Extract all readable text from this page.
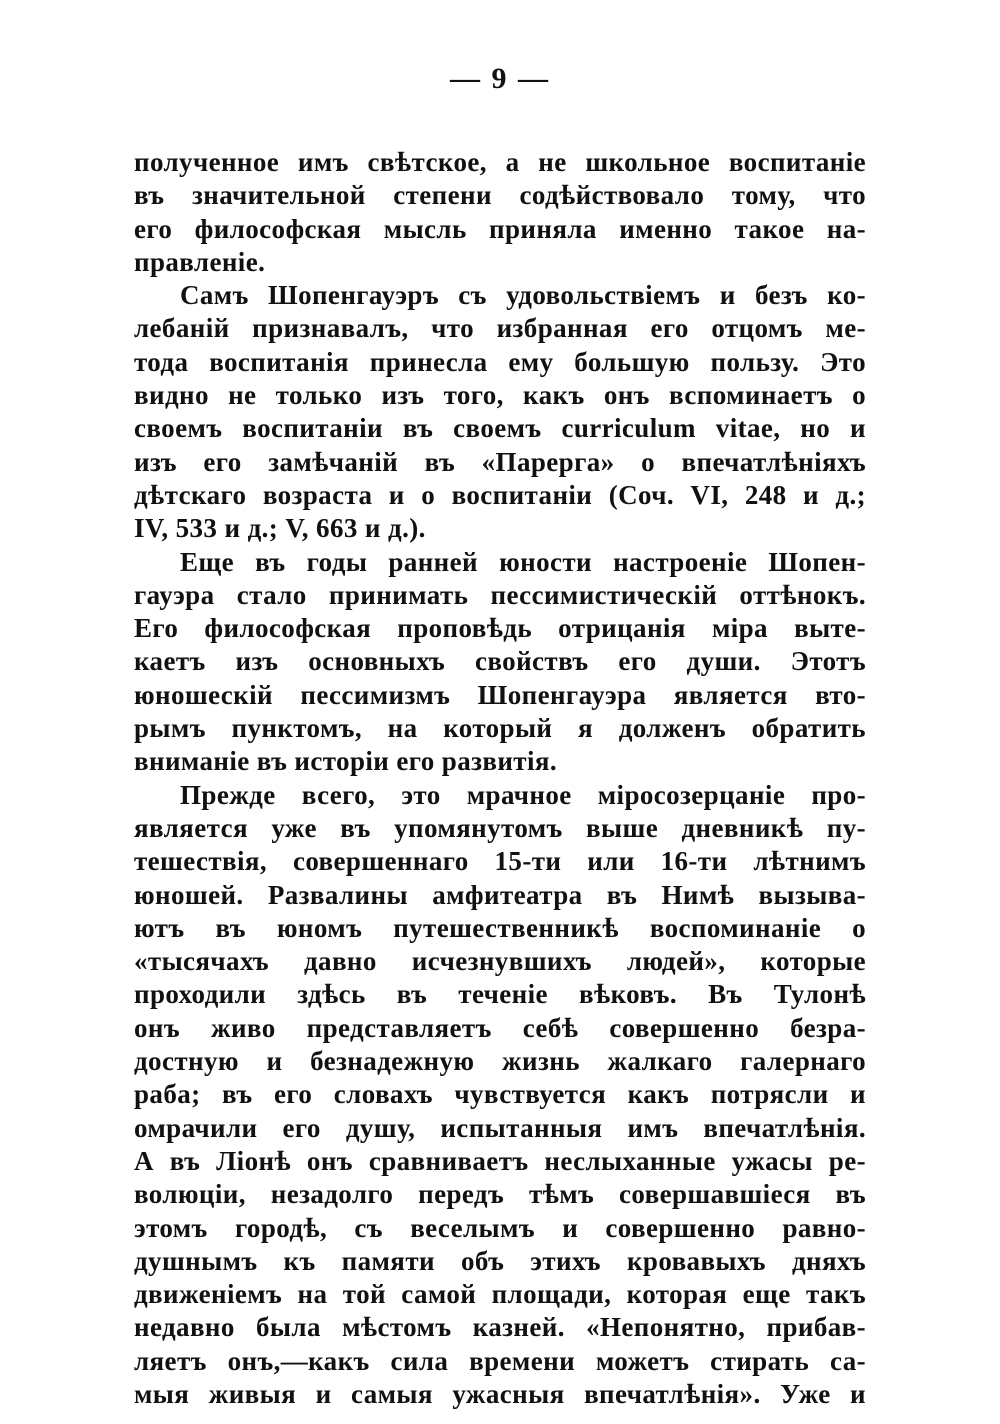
— 9 —
полученное имъ свѣтское, а не школьное воспитаніе
въ значительной степени содѣйствовало тому, что
его философская мысль приняла именно такое на-
правленіе.
Самъ Шопенгауэръ съ удовольствіемъ и безъ ко-
лебаній признавалъ, что избранная его отцомъ ме-
тода воспитанія принесла ему большую пользу. Это
видно не только изъ того, какъ онъ вспоминаетъ о
своемъ воспитаніи въ своемъ curriculum vitae, но и
изъ его замѣчаній въ «Парерга» о впечатлѣніяхъ
дѣтскаго возраста и о воспитаніи (Соч. VI, 248 и д.;
IV, 533 и д.; V, 663 и д.).
Еще въ годы ранней юности настроеніе Шопен-
гауэра стало принимать пессимистическій оттѣнокъ.
Его философская проповѣдь отрицанія міра выте-
каетъ изъ основныхъ свойствъ его души. Этотъ
юношескій пессимизмъ Шопенгауэра является вто-
рымъ пунктомъ, на который я долженъ обратить
вниманіе въ исторіи его развитія.
Прежде всего, это мрачное міросозерцаніе про-
является уже въ упомянутомъ выше дневникѣ пу-
тешествія, совершеннаго 15-ти или 16-ти лѣтнимъ
юношей. Развалины амфитеатра въ Нимѣ вызыва-
ютъ въ юномъ путешественникѣ воспоминаніе о
«тысячахъ давно исчезнувшихъ людей», которые
проходили здѣсь въ теченіе вѣковъ. Въ Тулонѣ
онъ живо представляетъ себѣ совершенно безра-
достную и безнадежную жизнь жалкаго галернаго
раба; въ его словахъ чувствуется какъ потрясли и
омрачили его душу, испытанныя имъ впечатлѣнія.
А въ Ліонѣ онъ сравниваетъ неслыханные ужасы ре-
волюціи, незадолго передъ тѣмъ совершавшіеся въ
этомъ городѣ, съ веселымъ и совершенно равно-
душнымъ къ памяти объ этихъ кровавыхъ дняхъ
движеніемъ на той самой площади, которая еще такъ
недавно была мѣстомъ казней. «Непонятно, прибав-
ляетъ онъ,—какъ сила времени можетъ стирать са-
мыя живыя и самыя ужасныя впечатлѣнія». Уже и
